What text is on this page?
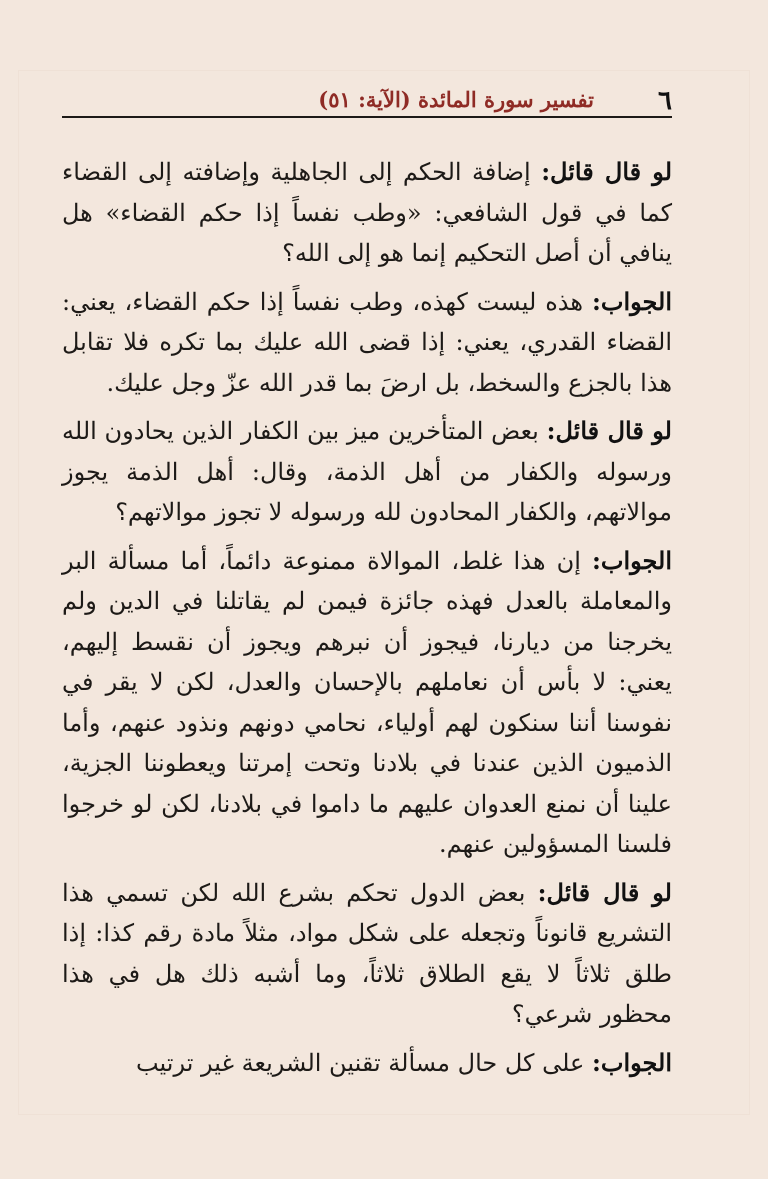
٦
تفسير سورة المائدة (الآية: ٥١)

لو قال قائل: إضافة الحكم إلى الجاهلية وإضافته إلى القضاء كما في قول الشافعي: «وطب نفساً إذا حكم القضاء» هل ينافي أن أصل التحكيم إنما هو إلى الله؟

الجواب: هذه ليست كهذه، وطب نفساً إذا حكم القضاء، يعني: القضاء القدري، يعني: إذا قضى الله عليك بما تكره فلا تقابل هذا بالجزع والسخط، بل ارضَ بما قدر الله عزّ وجل عليك.

لو قال قائل: بعض المتأخرين ميز بين الكفار الذين يحادون الله ورسوله والكفار من أهل الذمة، وقال: أهل الذمة يجوز موالاتهم، والكفار المحادون لله ورسوله لا تجوز موالاتهم؟

الجواب: إن هذا غلط، الموالاة ممنوعة دائماً، أما مسألة البر والمعاملة بالعدل فهذه جائزة فيمن لم يقاتلنا في الدين ولم يخرجنا من ديارنا، فيجوز أن نبرهم ويجوز أن نقسط إليهم، يعني: لا بأس أن نعاملهم بالإحسان والعدل، لكن لا يقر في نفوسنا أننا سنكون لهم أولياء، نحامي دونهم ونذود عنهم، وأما الذميون الذين عندنا في بلادنا وتحت إمرتنا ويعطوننا الجزية، علينا أن نمنع العدوان عليهم ما داموا في بلادنا، لكن لو خرجوا فلسنا المسؤولين عنهم.

لو قال قائل: بعض الدول تحكم بشرع الله لكن تسمي هذا التشريع قانوناً وتجعله على شكل مواد، مثلاً مادة رقم كذا: إذا طلق ثلاثاً لا يقع الطلاق ثلاثاً، وما أشبه ذلك هل في هذا محظور شرعي؟

الجواب: على كل حال مسألة تقنين الشريعة غير ترتيب
